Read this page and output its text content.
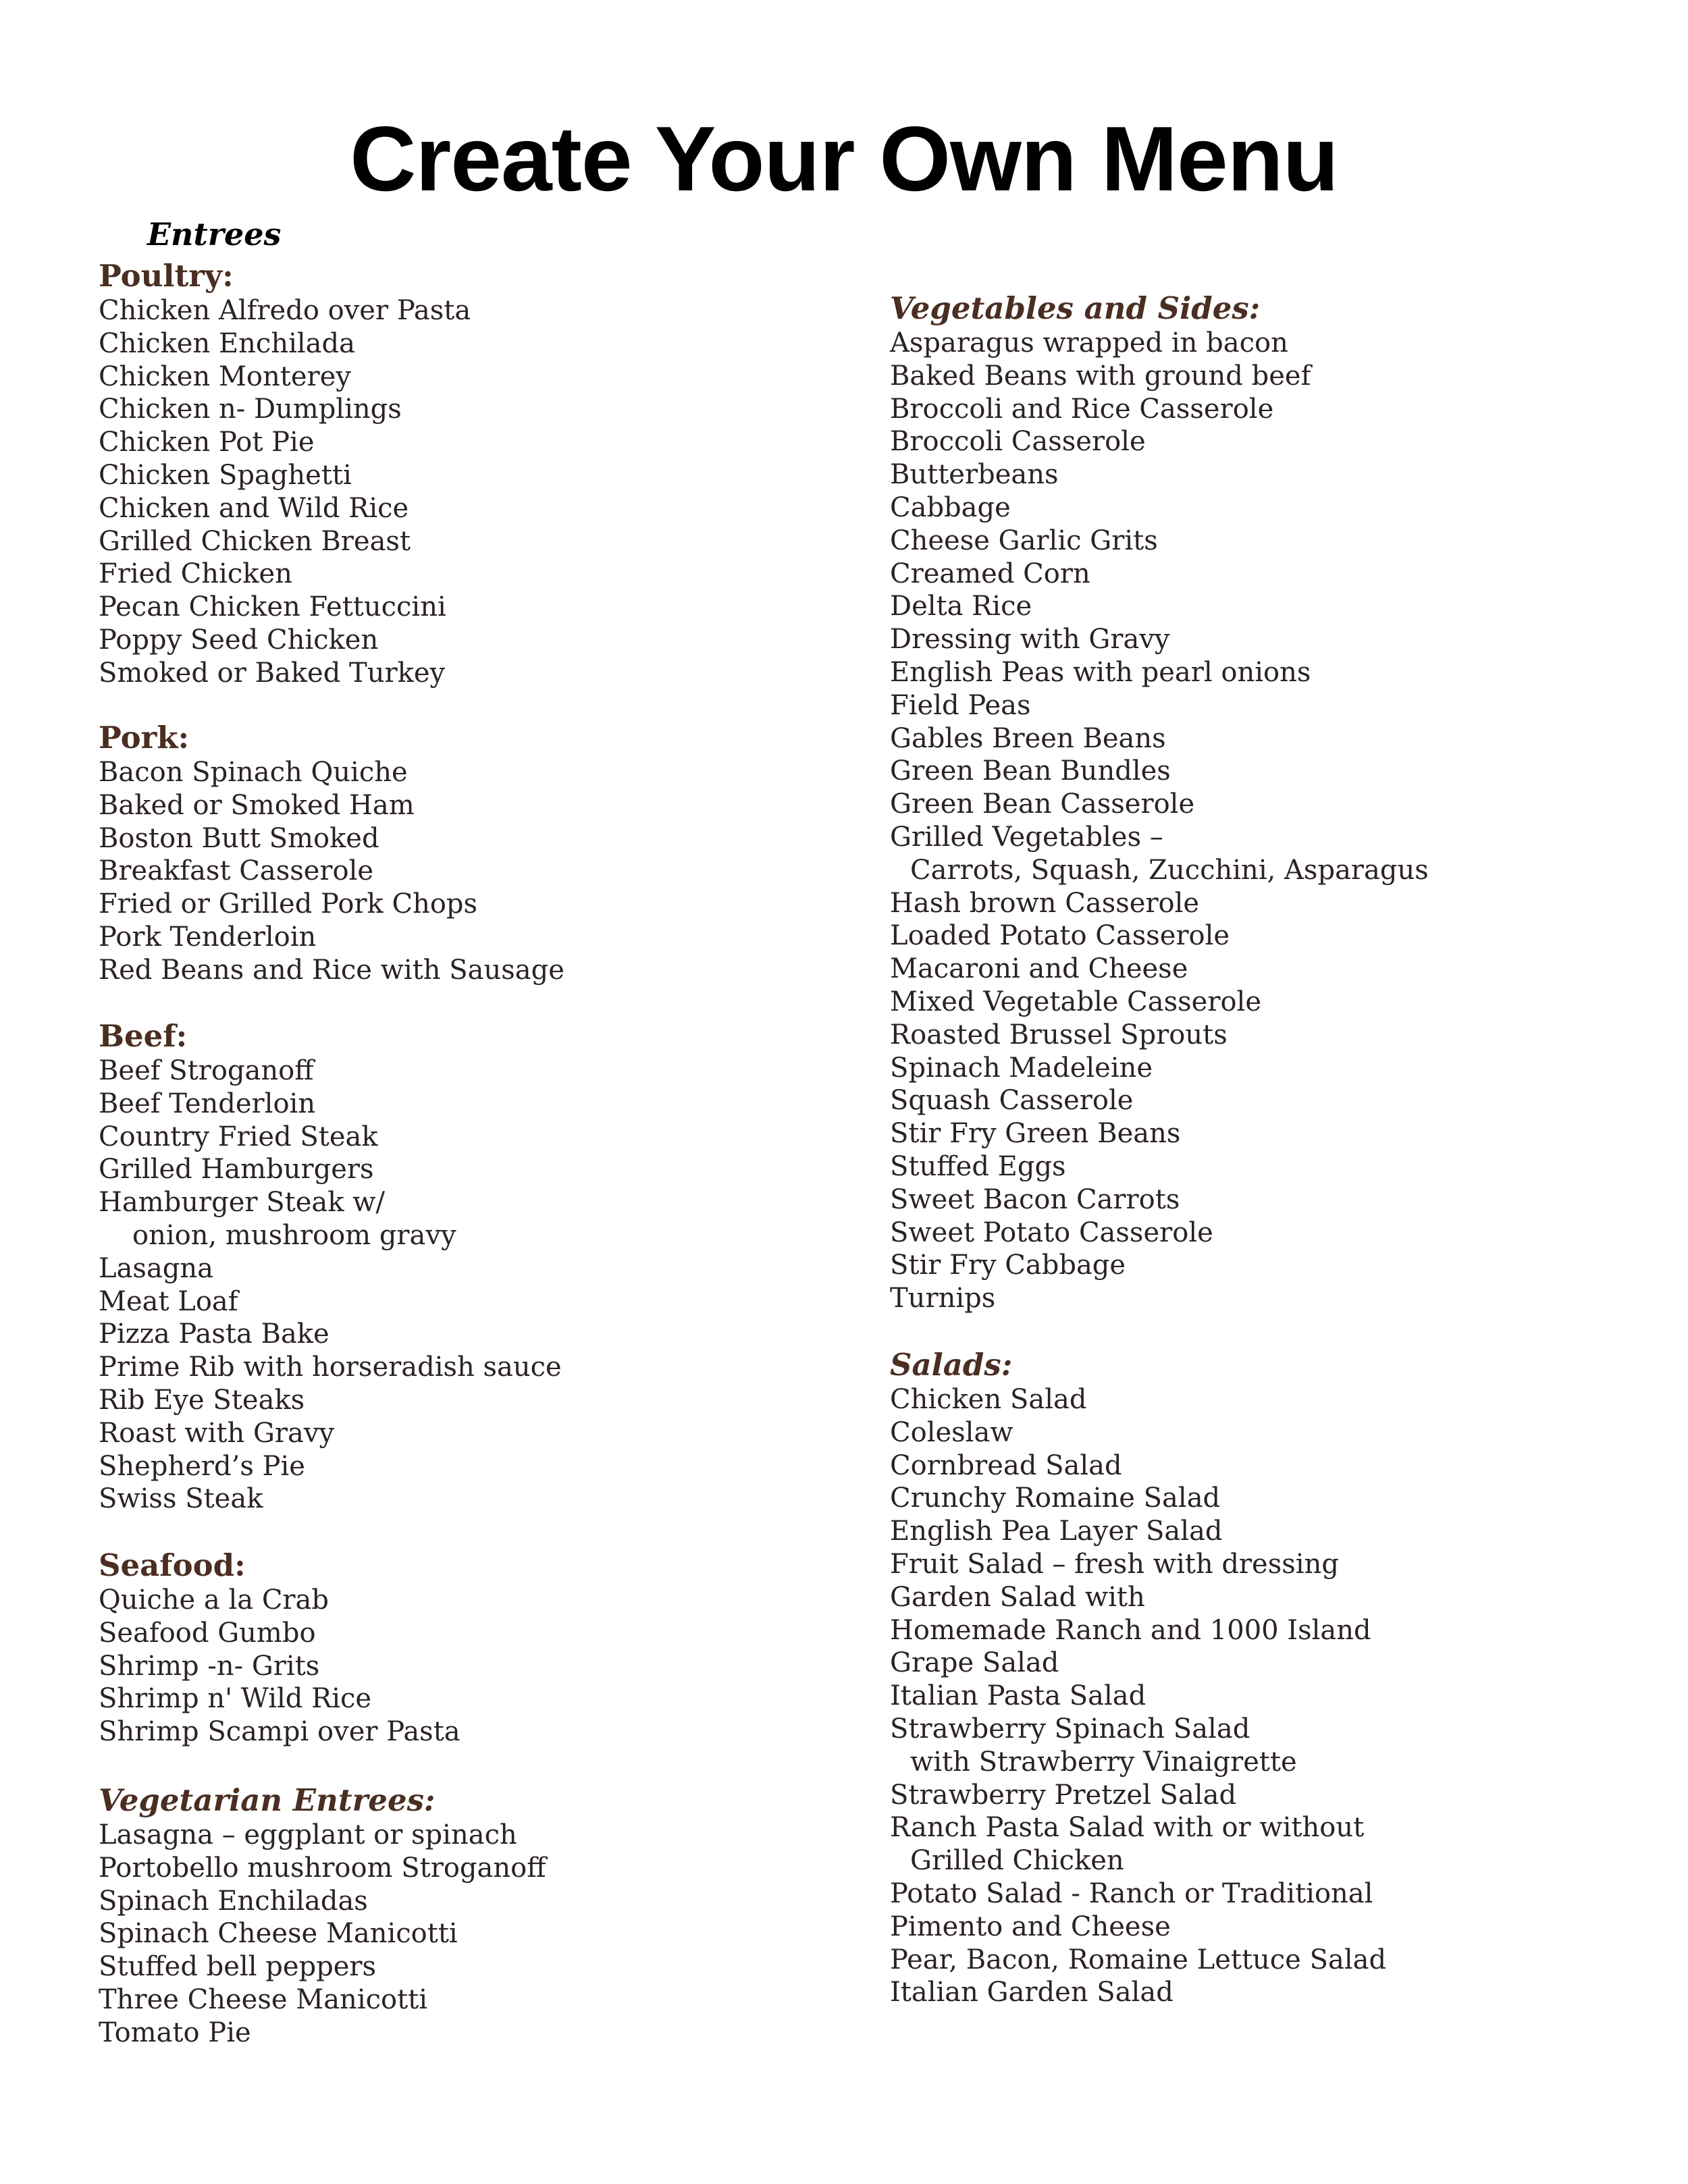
Create Your Own Menu

Entrees

Poultry:

Chicken Alfredo over Pasta

Chicken Enchilada

Chicken Monterey

Chicken n- Dumplings

Chicken Pot Pie

Chicken Spaghetti

Chicken and Wild Rice

Grilled Chicken Breast

Fried Chicken

Pecan Chicken Fettuccini

Poppy Seed Chicken

Smoked or Baked Turkey

Pork:

Bacon Spinach Quiche

Baked or Smoked Ham

Boston Butt Smoked

Breakfast Casserole

Fried or Grilled Pork Chops

Pork Tenderloin

Red Beans and Rice with Sausage

Beef:

Beef Stroganoff

Beef Tenderloin

Country Fried Steak

Grilled Hamburgers

Hamburger Steak w/

onion, mushroom gravy

Lasagna

Meat Loaf

Pizza Pasta Bake

Prime Rib with horseradish sauce

Rib Eye Steaks

Roast with Gravy

Shepherd’s Pie

Swiss Steak

Seafood:

Quiche a la Crab

Seafood Gumbo

Shrimp -n- Grits

Shrimp n' Wild Rice

Shrimp Scampi over Pasta

Vegetarian Entrees:

Lasagna – eggplant or spinach

Portobello mushroom Stroganoff

Spinach Enchiladas

Spinach Cheese Manicotti

Stuffed bell peppers

Three Cheese Manicotti

Tomato Pie

Vegetables and Sides:

Asparagus wrapped in bacon

Baked Beans with ground beef

Broccoli and Rice Casserole

Broccoli Casserole

Butterbeans

Cabbage

Cheese Garlic Grits

Creamed Corn

Delta Rice

Dressing with Gravy

English Peas with pearl onions

Field Peas

Gables Breen Beans

Green Bean Bundles

Green Bean Casserole

Grilled Vegetables –

Carrots, Squash, Zucchini, Asparagus

Hash brown Casserole

Loaded Potato Casserole

Macaroni and Cheese

Mixed Vegetable Casserole

Roasted Brussel Sprouts

Spinach Madeleine

Squash Casserole

Stir Fry Green Beans

Stuffed Eggs

Sweet Bacon Carrots

Sweet Potato Casserole

Stir Fry Cabbage

Turnips

Salads:

Chicken Salad

Coleslaw

Cornbread Salad

Crunchy Romaine Salad

English Pea Layer Salad

Fruit Salad – fresh with dressing

Garden Salad with

Homemade Ranch and 1000 Island

Grape Salad

Italian Pasta Salad

Strawberry Spinach Salad

with Strawberry Vinaigrette

Strawberry Pretzel Salad

Ranch Pasta Salad with or without

Grilled Chicken

Potato Salad - Ranch or Traditional

Pimento and Cheese

Pear, Bacon, Romaine Lettuce Salad

Italian Garden Salad
